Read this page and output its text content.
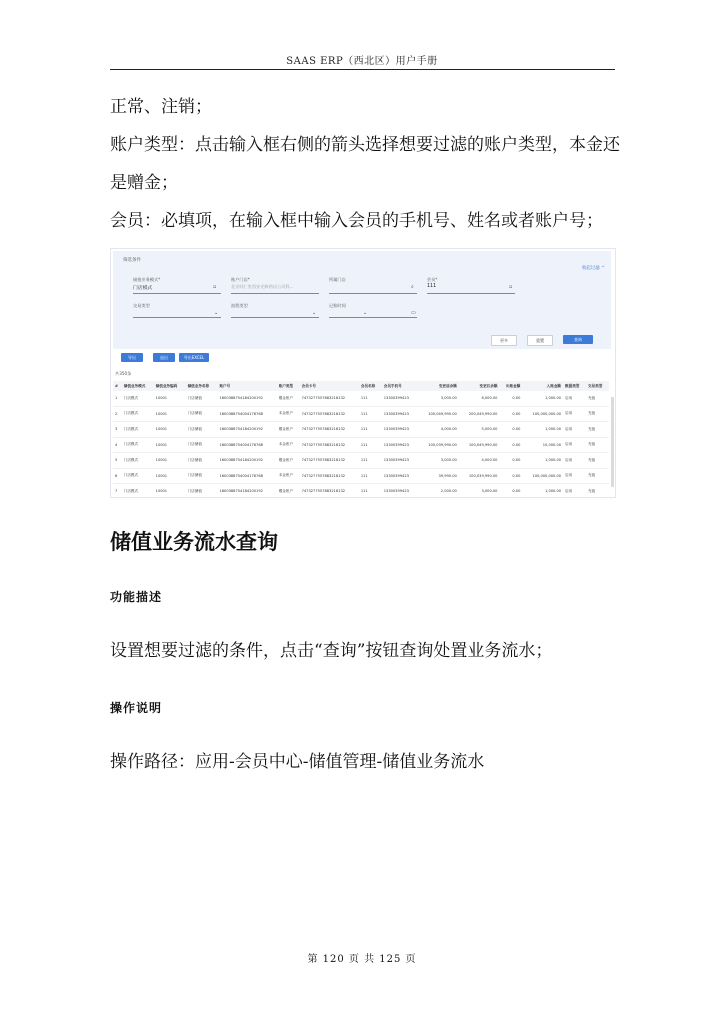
SAAS ERP（西北区）用户手册
正常、注销；
账户类型：点击输入框右侧的箭头选择想要过滤的账户类型，本金还
是赠金；
会员：必填项，在输入框中输入会员的手机号、姓名或者账户号；
筛选条件
收起过滤 ^
储值业务模式*
门店模式	▫
账户门店*
北京同仁堂西安光辉药店公司科...
所属门店
⌕
会员*
111	▫
交易类型
⌄
流程类型
⌄
记账时间
⌄	▭
更多	重置	查询
导出	退出	导出EXCEL
共350条
#	储值业务模式	储值业务编码	储值业务名称	账户号	账户类型	会员卡号	会员名称	会员手机号	变更前余额	变更后余额	出账金额	入账金额	数据类型	交易类型
1	门店模式	10001	门店储值	1600388754184200192	赠金账户	7473277557883218132	111	13300399423	3,000.00	6,000.00	0.00	1,000.00	启用	充值
2	门店模式	10001	门店储值	1600388754004176768	本金账户	7473277557883218132	111	13300399423	100,049,990.00	200,049,990.00	0.00	100,000,000.00	启用	充值
3	门店模式	10001	门店储值	1600388754184200192	赠金账户	7473277557883218132	111	13300399423	4,000.00	5,000.00	0.00	1,000.00	启用	充值
4	门店模式	10001	门店储值	1600388754004176768	本金账户	7473277557883218132	111	13300399423	100,039,990.00	100,049,990.00	0.00	10,000.00	启用	充值
5	门店模式	10001	门店储值	1600388754184200192	赠金账户	7473277557883218132	111	13300399423	3,000.00	4,000.00	0.00	1,000.00	启用	充值
6	门店模式	10001	门店储值	1600388754004176768	本金账户	7473277557883218132	111	13300399423	39,990.00	100,039,990.00	0.00	100,000,000.00	启用	充值
7	门店模式	10001	门店储值	1600388754184200192	赠金账户	7473277557883218132	111	13300399423	2,000.00	3,000.00	0.00	1,000.00	启用	充值
储值业务流水查询
功能描述
设置想要过滤的条件，点击“查询”按钮查询处置业务流水；
操作说明
操作路径：应用-会员中心-储值管理-储值业务流水
第 120 页 共 125 页
